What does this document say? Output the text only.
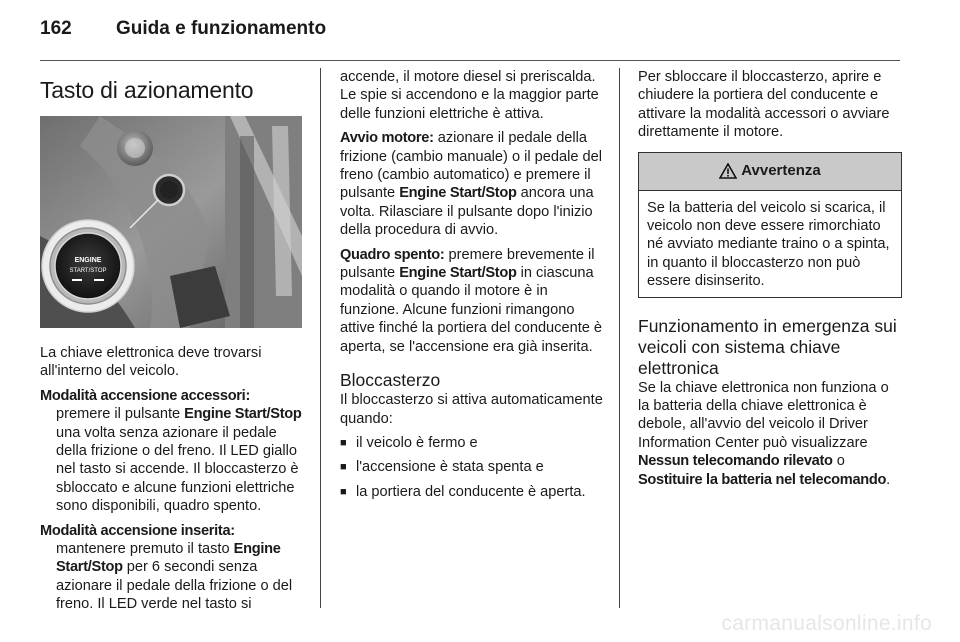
162 Guida e funzionamento
Tasto di azionamento
ENGINE
START/STOP

La chiave elettronica deve trovarsi all'interno del veicolo.

Modalità accensione accessori: premere il pulsante Engine Start/Stop una volta senza azionare il pedale della frizione o del freno. Il LED giallo nel tasto si accende. Il bloccasterzo è sbloccato e alcune funzioni elettriche sono disponibili, quadro spento.

Modalità accensione inserita: mantenere premuto il tasto Engine Start/Stop per 6 secondi senza azionare il pedale della frizione o del freno. Il LED verde nel tasto si

accende, il motore diesel si preriscalda. Le spie si accendono e la maggior parte delle funzioni elettriche è attiva.

Avvio motore: azionare il pedale della frizione (cambio manuale) o il pedale del freno (cambio automatico) e premere il pulsante Engine Start/Stop ancora una volta. Rilasciare il pulsante dopo l'inizio della procedura di avvio.

Quadro spento: premere brevemente il pulsante Engine Start/Stop in ciascuna modalità o quando il motore è in funzione. Alcune funzioni rimangono attive finché la portiera del conducente è aperta, se l'accensione era già inserita.

Bloccasterzo

Il bloccasterzo si attiva automaticamente quando:

■ il veicolo è fermo e
■ l'accensione è stata spenta e
■ la portiera del conducente è aperta.

Per sbloccare il bloccasterzo, aprire e chiudere la portiera del conducente e attivare la modalità accessori o avviare direttamente il motore.

Avvertenza
Se la batteria del veicolo si scarica, il veicolo non deve essere rimorchiato né avviato mediante traino o a spinta, in quanto il bloccasterzo non può essere disinserito.
Funzionamento in emergenza sui veicoli con sistema chiave elettronica

Se la chiave elettronica non funziona o la batteria della chiave elettronica è debole, all'avvio del veicolo il Driver Information Center può visualizzare Nessun telecomando rilevato o Sostituire la batteria nel telecomando.

carmanualsonline.info
